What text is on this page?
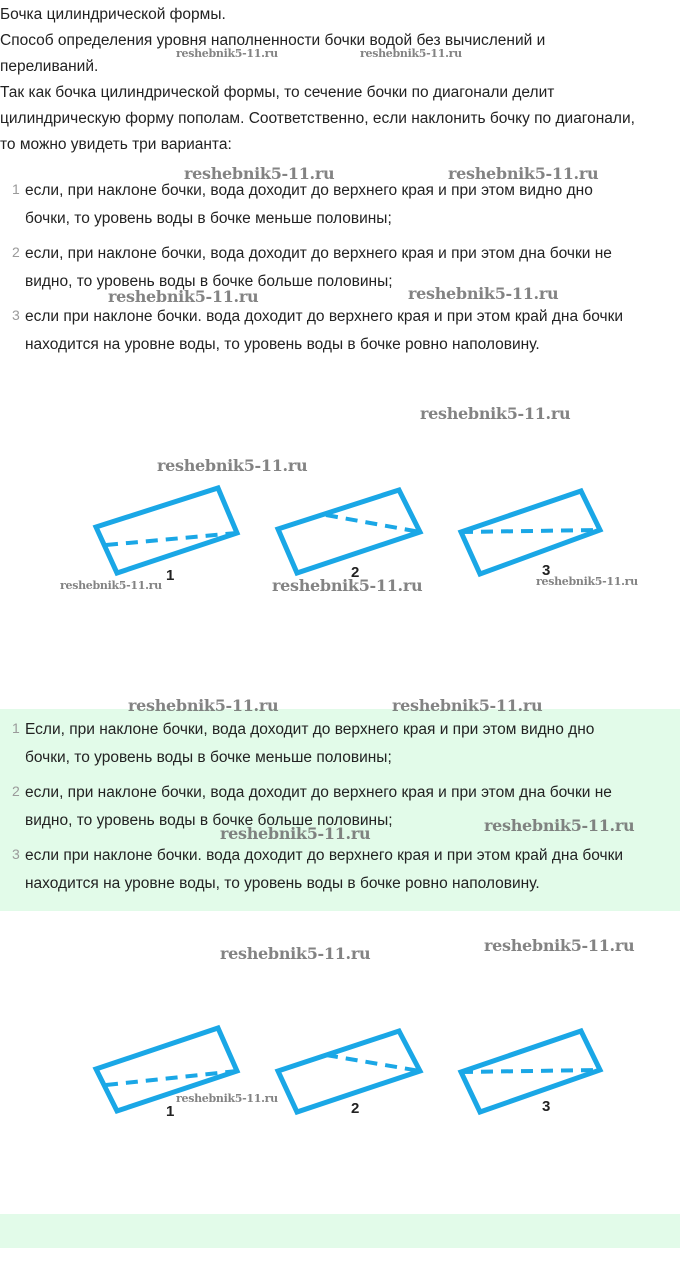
Бочка цилиндрической формы.

Способ определения уровня наполненности бочки водой без вычислений и

переливаний.

Так как бочка цилиндрической формы, то сечение бочки по диагонали делит

цилиндрическую форму пополам. Соответственно, если наклонить бочку по диагонали,

то можно увидеть три варианта:

1 если, при наклоне бочки, вода доходит до верхнего края и при этом видно дно
бочки, то уровень воды в бочке меньше половины;
2 если, при наклоне бочки, вода доходит до верхнего края и при этом дна бочки не
видно, то уровень воды в бочке больше половины;
3 если при наклоне бочки. вода доходит до верхнего края и при этом край дна бочки
находится на уровне воды, то уровень воды в бочке ровно наполовину.
1	2	3
1 Если, при наклоне бочки, вода доходит до верхнего края и при этом видно дно
бочки, то уровень воды в бочке меньше половины;
2 если, при наклоне бочки, вода доходит до верхнего края и при этом дна бочки не
видно, то уровень воды в бочке больше половины;
3 если при наклоне бочки. вода доходит до верхнего края и при этом край дна бочки
находится на уровне воды, то уровень воды в бочке ровно наполовину.
1	2	3
reshebnik5-11.ru	reshebnik5-11.ru
reshebnik5-11.ru	reshebnik5-11.ru
reshebnik5-11.ru	reshebnik5-11.ru
reshebnik5-11.ru
reshebnik5-11.ru
reshebnik5-11.ru	reshebnik5-11.ru	reshebnik5-11.ru
reshebnik5-11.ru	reshebnik5-11.ru
reshebnik5-11.ru	reshebnik5-11.ru
reshebnik5-11.ru	reshebnik5-11.ru
reshebnik5-11.ru
